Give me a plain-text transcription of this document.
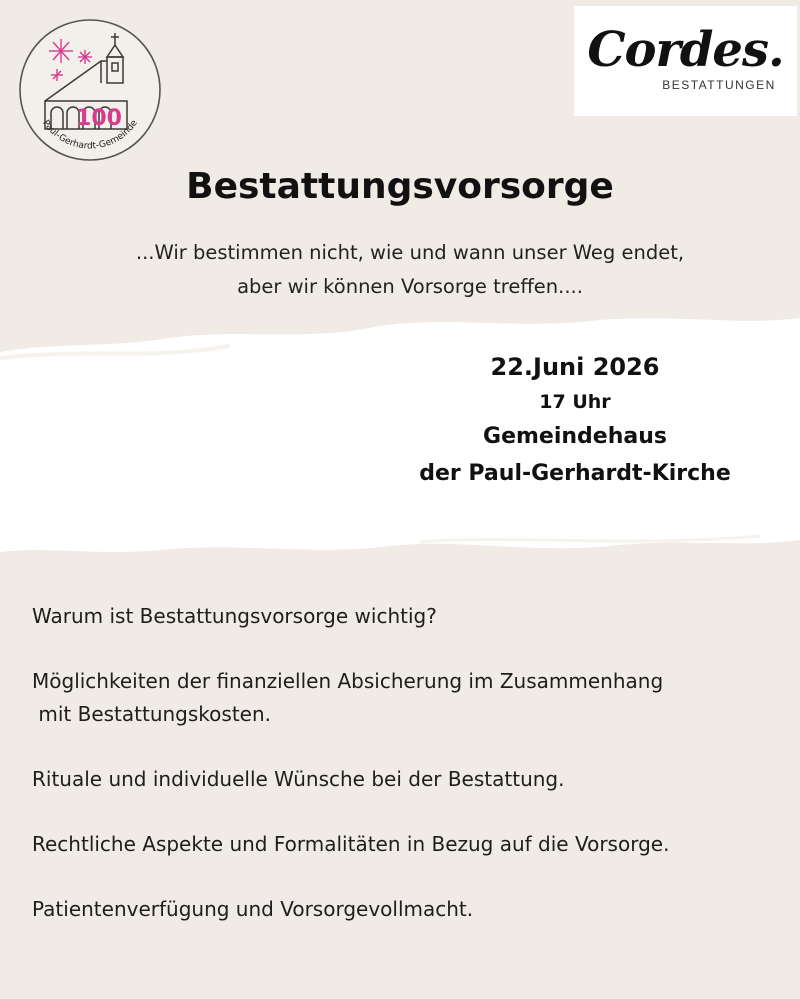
100
Paul-Gerhardt-Gemeinde
Cordes.
BESTATTUNGEN
Bestattungsvorsorge
...Wir bestimmen nicht, wie und wann unser Weg endet,
aber wir können Vorsorge treffen....
22.Juni 2026
17 Uhr
Gemeindehaus
der Paul-Gerhardt-Kirche

Warum ist Bestattungsvorsorge wichtig?

Möglichkeiten der finanziellen Absicherung im Zusammenhang
mit Bestattungskosten.

Rituale und individuelle Wünsche bei der Bestattung.

Rechtliche Aspekte und Formalitäten in Bezug auf die Vorsorge.

Patientenverfügung und Vorsorgevollmacht.
